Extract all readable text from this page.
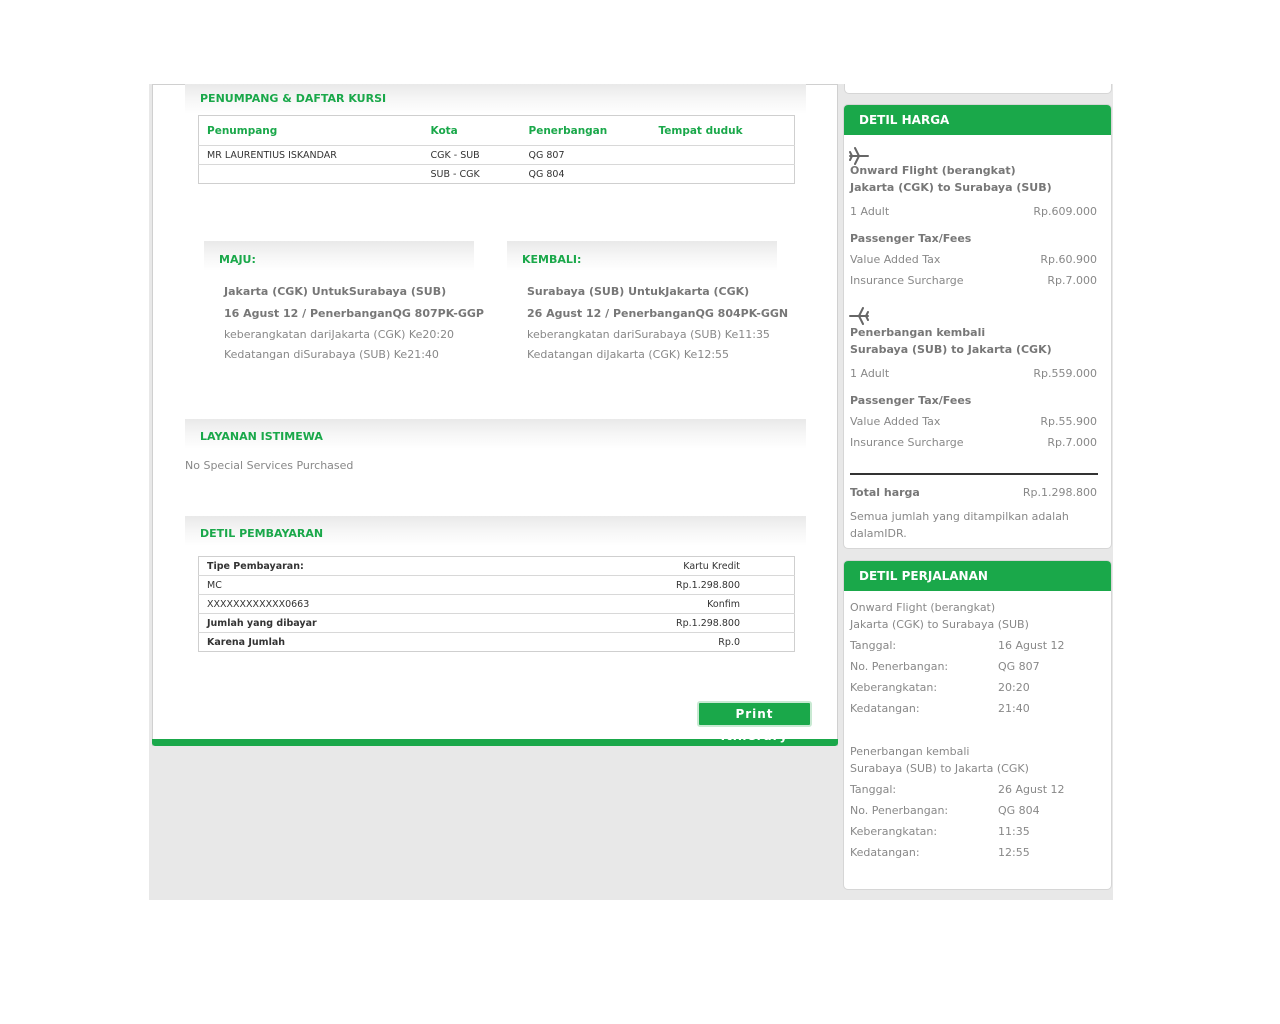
PENUMPANG & DAFTAR KURSI
Penumpang	Kota	Penerbangan	Tempat duduk
MR LAURENTIUS ISKANDAR	CGK - SUB	QG 807	
	SUB - CGK	QG 804	
MAJU:
Jakarta (CGK) UntukSurabaya (SUB)
16 Agust 12 / PenerbanganQG 807PK-GGP
keberangkatan dariJakarta (CGK) Ke20:20
Kedatangan diSurabaya (SUB) Ke21:40
KEMBALI:
Surabaya (SUB) UntukJakarta (CGK)
26 Agust 12 / PenerbanganQG 804PK-GGN
keberangkatan dariSurabaya (SUB) Ke11:35
Kedatangan diJakarta (CGK) Ke12:55
LAYANAN ISTIMEWA
No Special Services Purchased
DETIL PEMBAYARAN
Tipe Pembayaran:	Kartu Kredit
MC	Rp.1.298.800
XXXXXXXXXXXX0663	Konfim
Jumlah yang dibayar	Rp.1.298.800
Karena Jumlah	Rp.0
Print Itinerary
DETIL HARGA
Onward Flight (berangkat)
Jakarta (CGK) to Surabaya (SUB)
1 Adult	Rp.609.000
Passenger Tax/Fees
Value Added Tax	Rp.60.900
Insurance Surcharge	Rp.7.000
Penerbangan kembali
Surabaya (SUB) to Jakarta (CGK)
1 Adult	Rp.559.000
Passenger Tax/Fees
Value Added Tax	Rp.55.900
Insurance Surcharge	Rp.7.000
Total harga	Rp.1.298.800
Semua jumlah yang ditampilkan adalah
dalamIDR.
DETIL PERJALANAN
Onward Flight (berangkat)
Jakarta (CGK) to Surabaya (SUB)
Tanggal:	16 Agust 12
No. Penerbangan:	QG 807
Keberangkatan:	20:20
Kedatangan:	21:40
Penerbangan kembali
Surabaya (SUB) to Jakarta (CGK)
Tanggal:	26 Agust 12
No. Penerbangan:	QG 804
Keberangkatan:	11:35
Kedatangan:	12:55
